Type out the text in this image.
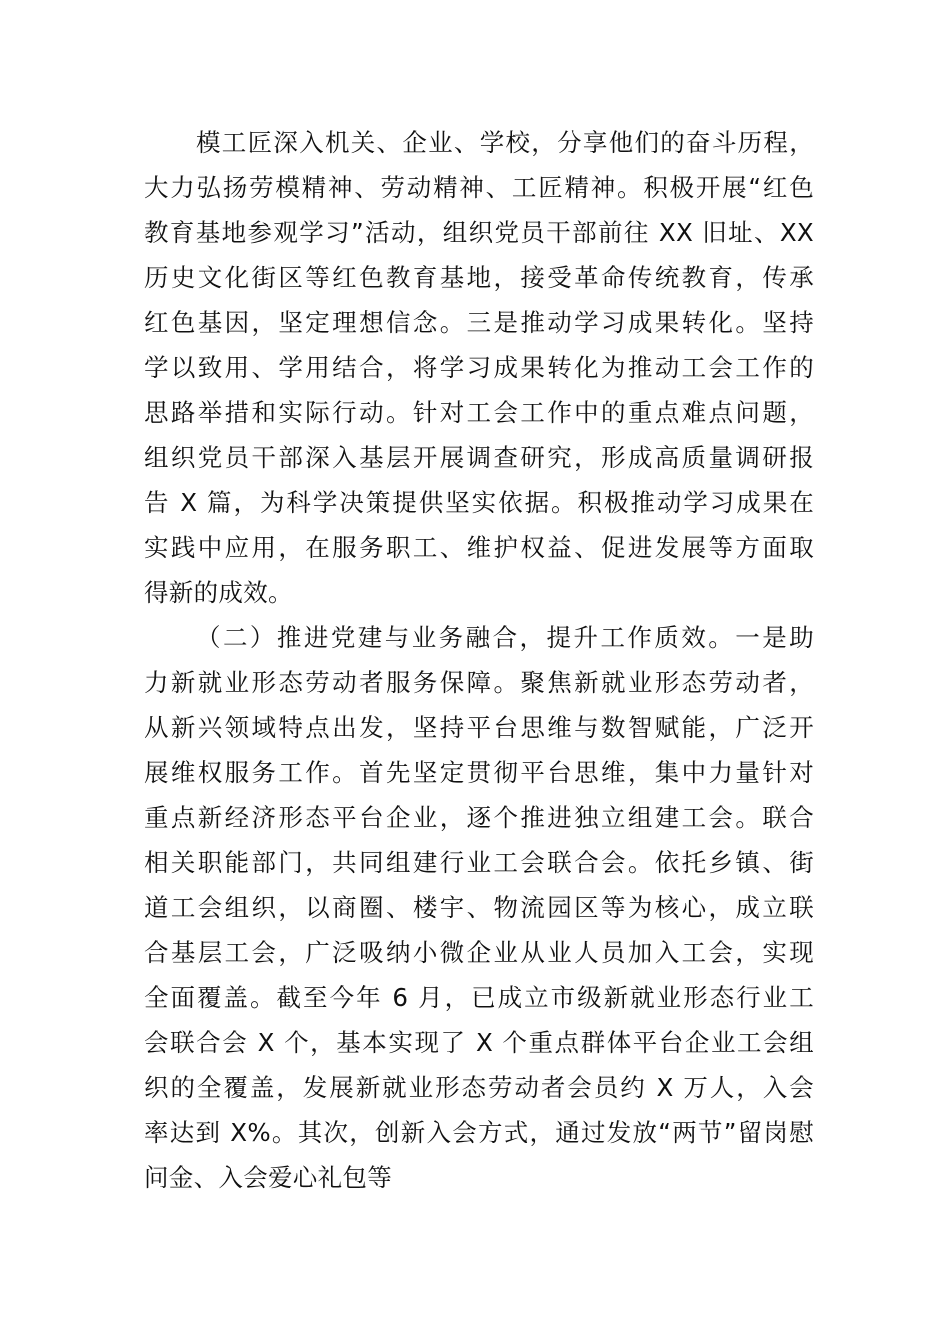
模工匠深入机关、企业、学校，分享他们的奋斗历程，
大力弘扬劳模精神、劳动精神、工匠精神。积极开展“红色
教育基地参观学习”活动，组织党员干部前往 XX 旧址、XX
历史文化街区等红色教育基地，接受革命传统教育，传承
红色基因，坚定理想信念。三是推动学习成果转化。坚持
学以致用、学用结合，将学习成果转化为推动工会工作的
思路举措和实际行动。针对工会工作中的重点难点问题，
组织党员干部深入基层开展调查研究，形成高质量调研报
告 X 篇，为科学决策提供坚实依据。积极推动学习成果在
实践中应用，在服务职工、维护权益、促进发展等方面取
得新的成效。
（二）推进党建与业务融合，提升工作质效。一是助
力新就业形态劳动者服务保障。聚焦新就业形态劳动者，
从新兴领域特点出发，坚持平台思维与数智赋能，广泛开
展维权服务工作。首先坚定贯彻平台思维，集中力量针对
重点新经济形态平台企业，逐个推进独立组建工会。联合
相关职能部门，共同组建行业工会联合会。依托乡镇、街
道工会组织，以商圈、楼宇、物流园区等为核心，成立联
合基层工会，广泛吸纳小微企业从业人员加入工会，实现
全面覆盖。截至今年 6 月，已成立市级新就业形态行业工
会联合会 X 个，基本实现了 X 个重点群体平台企业工会组
织的全覆盖，发展新就业形态劳动者会员约 X 万人，入会
率达到 X%。其次，创新入会方式，通过发放“两节”留岗慰
问金、入会爱心礼包等
